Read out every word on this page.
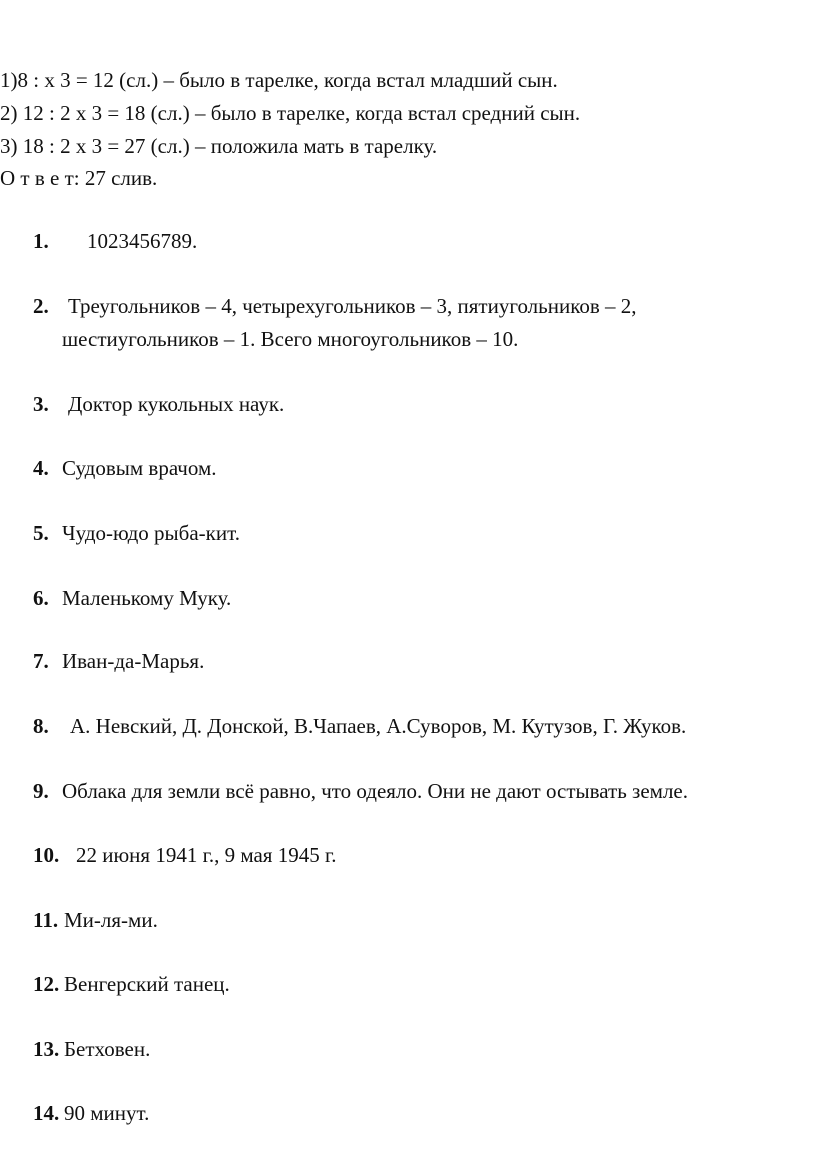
1)8 : х 3 = 12 (сл.) – было в тарелке, когда встал младший сын.
2) 12 : 2 х 3 = 18 (сл.) – было в тарелке, когда встал средний сын.
3) 18 : 2 х 3 = 27 (сл.) – положила мать в тарелку.
О т в е т: 27 слив.
1. 1023456789.
2. Треугольников – 4, четырехугольников – 3, пятиугольников – 2,
шестиугольников – 1. Всего многоугольников – 10.
3. Доктор кукольных наук.
4. Судовым врачом.
5. Чудо-юдо рыба-кит.
6. Маленькому Муку.
7. Иван-да-Марья.
8. А. Невский, Д. Донской, В.Чапаев, А.Суворов, М. Кутузов, Г. Жуков.
9. Облака для земли всё равно, что одеяло. Они не дают остывать земле.
10. 22 июня 1941 г., 9 мая 1945 г.
11. Ми-ля-ми.
12. Венгерский танец.
13. Бетховен.
14. 90 минут.
